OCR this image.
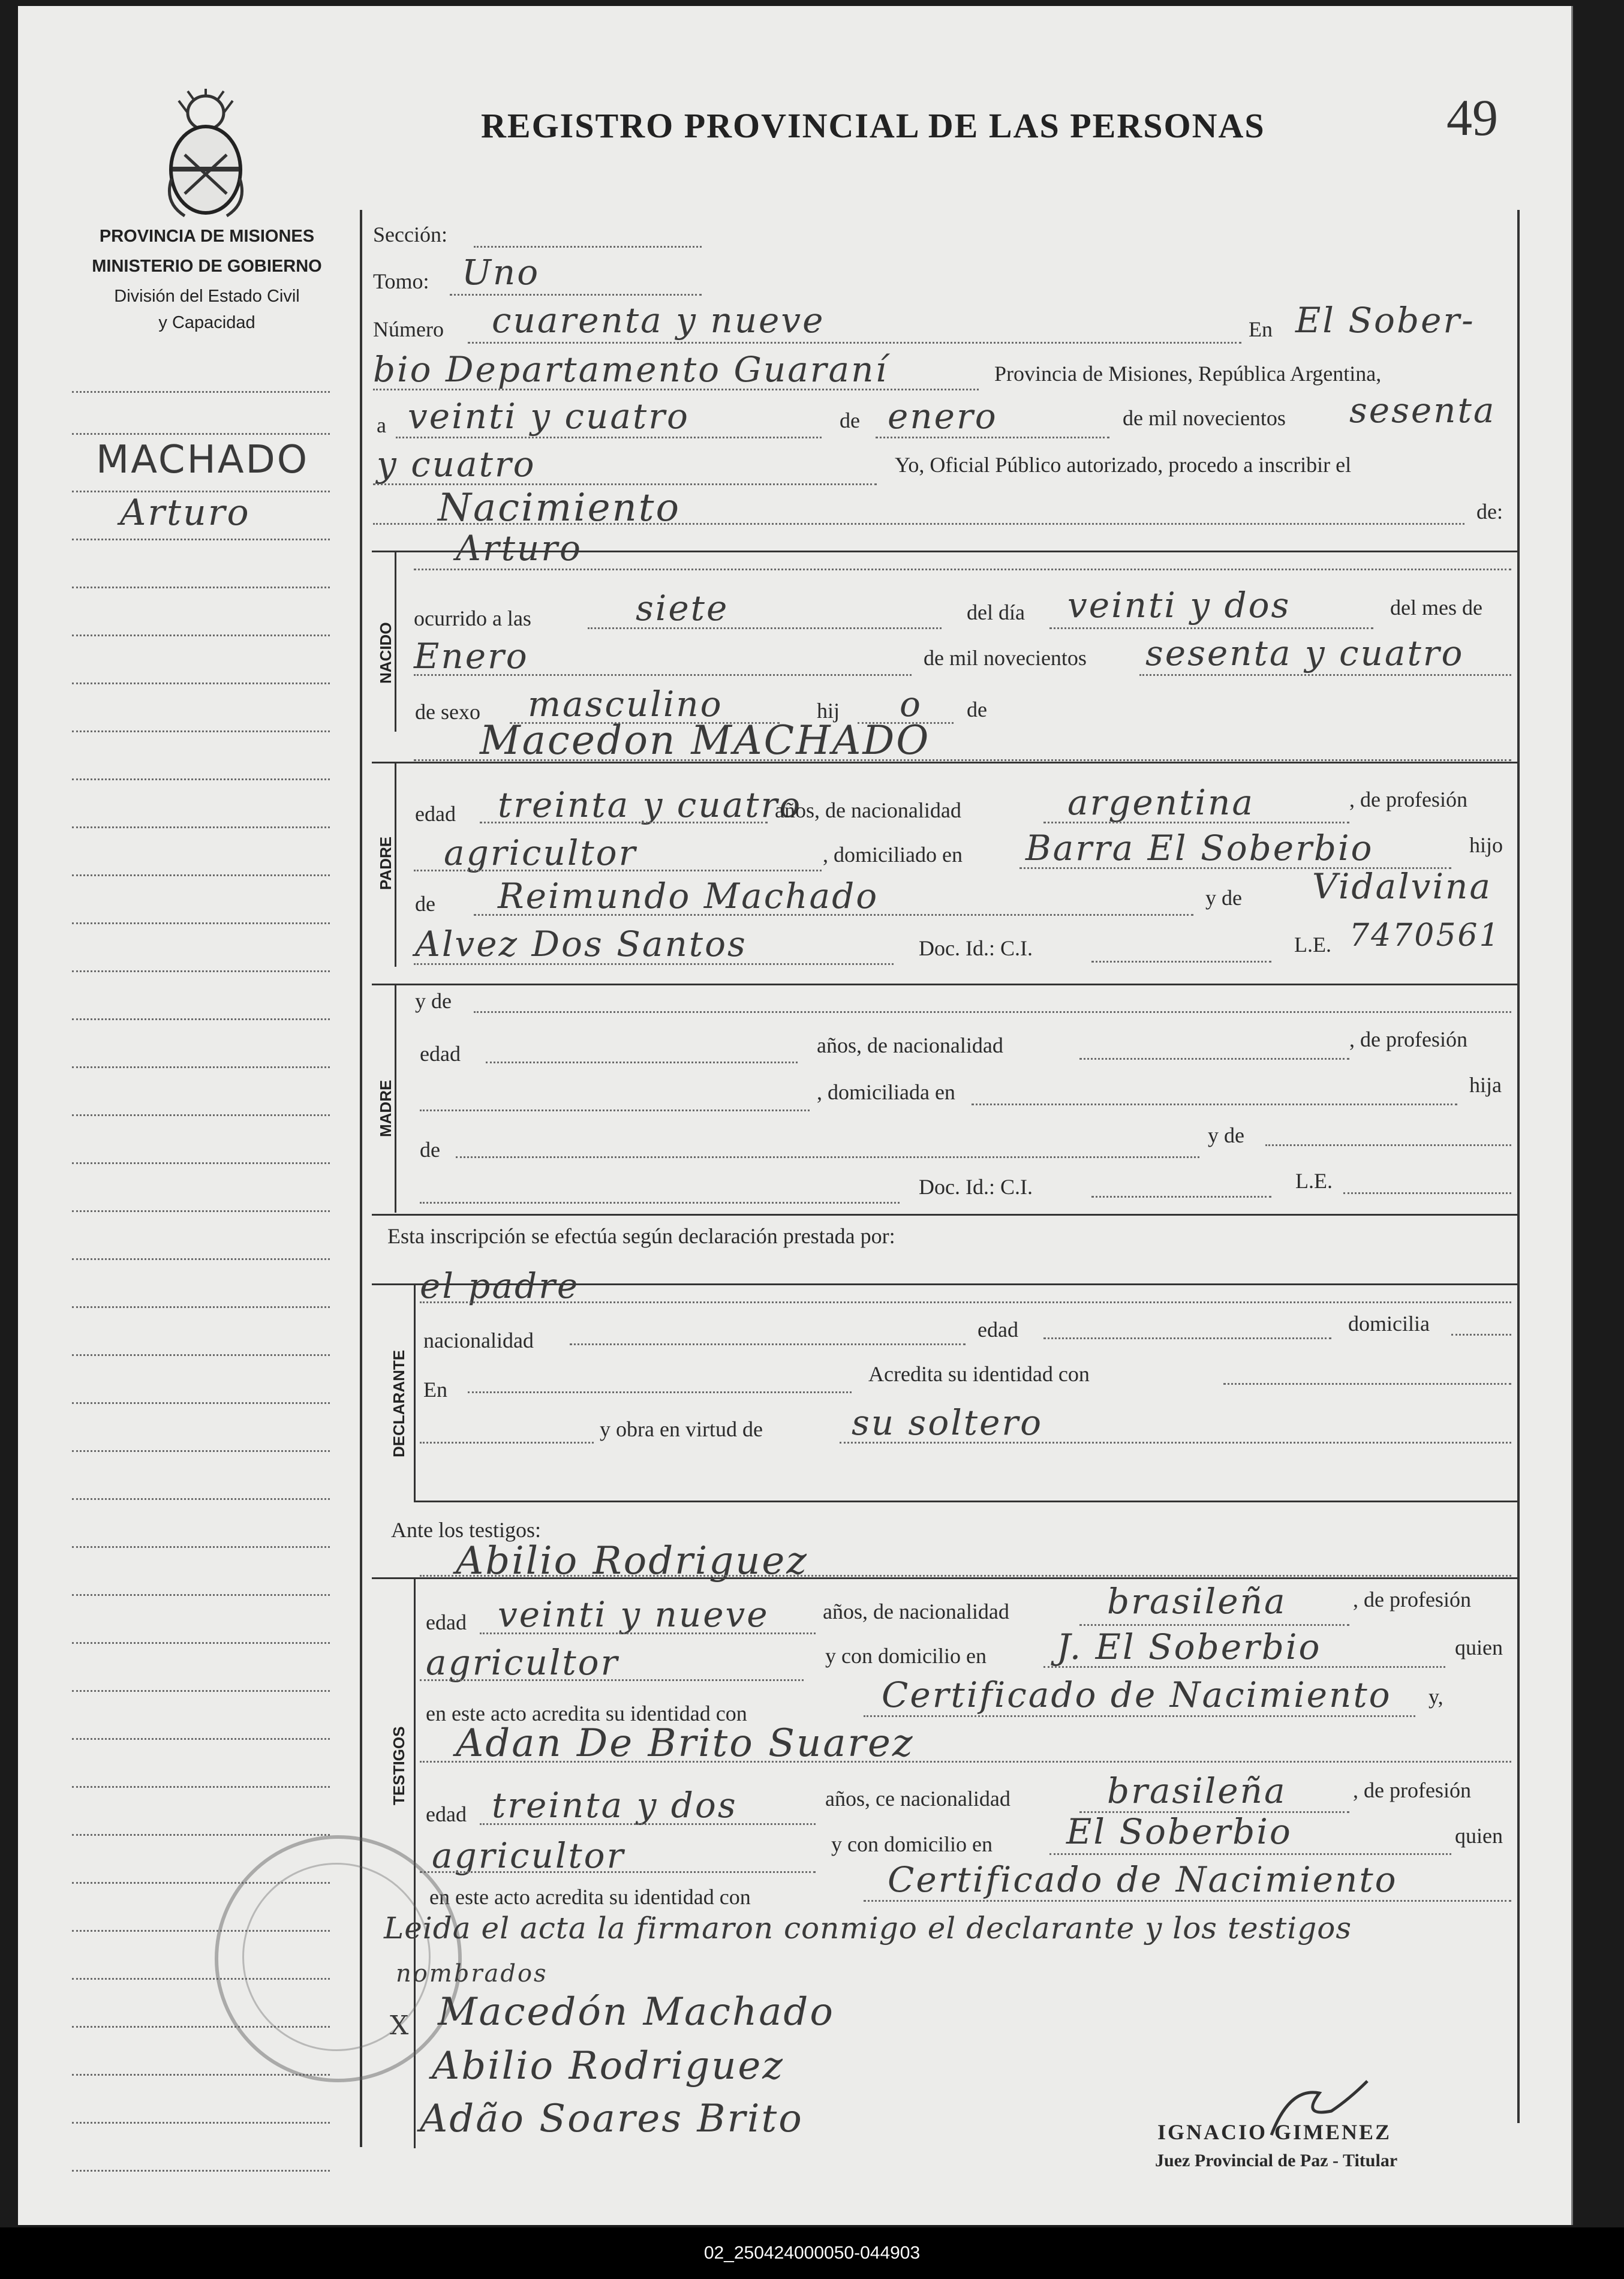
REGISTRO PROVINCIAL DE LAS PERSONAS	49
PROVINCIA DE MISIONES
MINISTERIO DE GOBIERNO
División del Estado Civil
y Capacidad
MACHADO
Arturo
Sección:
Tomo: Uno
Número cuarenta y nueve	En El Sober-
bio Departamento Guaraní	Provincia de Misiones, República Argentina,
a veinti y cuatro	de enero	de mil novecientos sesenta
y cuatro	Yo, Oficial Público autorizado, procedo a inscribir el
Nacimiento	de:
NACIDO
Arturo
ocurrido a las	siete	del día veinti y dos	del mes de
Enero	de mil novecientos sesenta y cuatro
de sexo masculino	hij o de
PADRE
Macedon MACHADO
edad treinta y cuatro
años, de nacionalidad	argentina	, de profesión
agricultor	, domiciliado en Barra El Soberbio	hijo
de Reimundo Machado	y de Vidalvina
Alvez Dos Santos	Doc. Id.: C.I.	L.E. 7470561
MADRE
y de
edad	años, de nacionalidad	, de profesión
, domiciliada en	hija
de
y de
Doc. Id.: C.I.	L.E.
Esta inscripción se efectúa según declaración prestada por:
DECLARANTE
el padre
nacionalidad	edad	domicilia
En
Acredita su identidad con
y obra en virtud de	su soltero
Ante los testigos:
TESTIGOS
Abilio Rodriguez
edad veinti y nueve años, de nacionalidad	brasileña	, de profesión
agricultor	y con domicilio en J. El Soberbio	quien
en este acto acredita su identidad con	Certificado de Nacimiento y,
Adan De Brito Suarez
edad treinta y dos	años, ce nacionalidad	brasileña	, de profesión
agricultor	y con domicilio en El Soberbio	quien
en este acto acredita su identidad con	Certificado de Nacimiento
Leida el acta la firmaron conmigo el declarante y los testigos
nombrados
X Macedón Machado
Abilio Rodriguez
Adão Soares Brito	IGNACIO GIMENEZ
Juez Provincial de Paz - Titular
02_250424000050-044903
